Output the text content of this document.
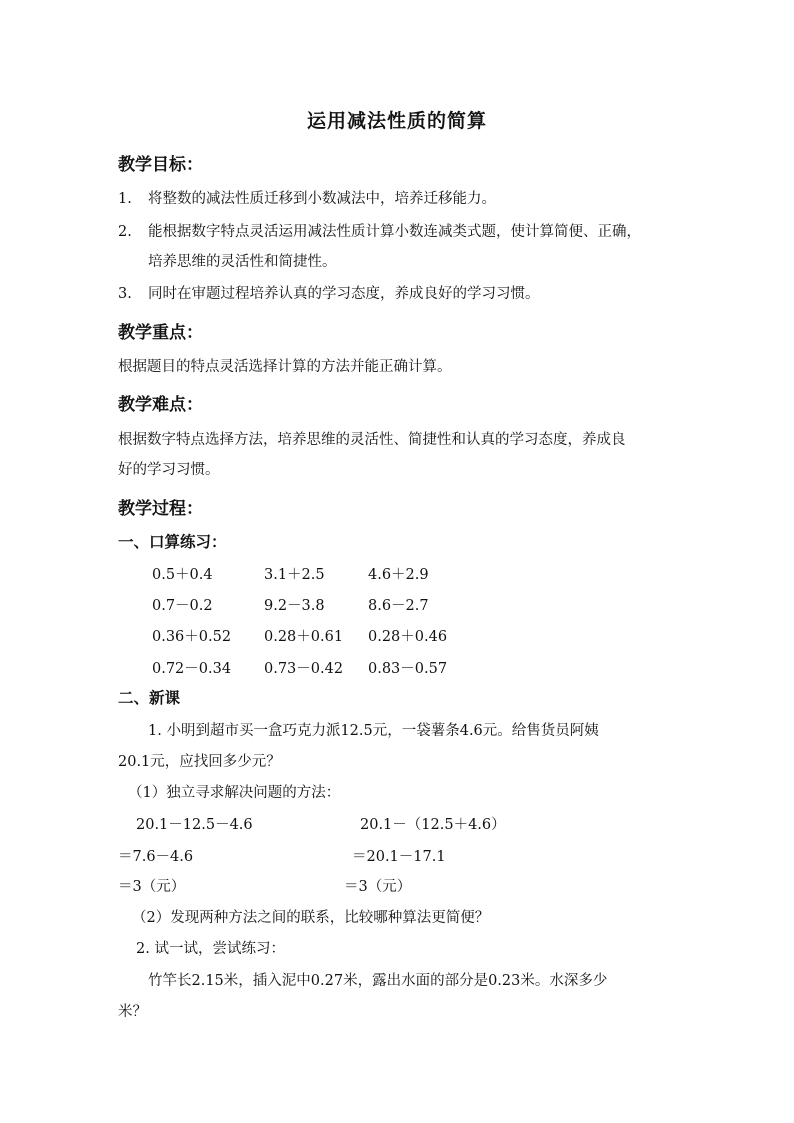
运用减法性质的简算
教学目标：
1. 将整数的减法性质迁移到小数减法中，培养迁移能力。
2. 能根据数字特点灵活运用减法性质计算小数连减类式题，使计算简便、正确，
培养思维的灵活性和简捷性。
3. 同时在审题过程培养认真的学习态度，养成良好的学习习惯。
教学重点：
根据题目的特点灵活选择计算的方法并能正确计算。
教学难点：
根据数字特点选择方法，培养思维的灵活性、简捷性和认真的学习态度，养成良
好的学习习惯。
教学过程：
一、口算练习：
0.5＋0.4	3.1＋2.5	4.6＋2.9
0.7－0.2	9.2－3.8	8.6－2.7
0.36＋0.52 0.28＋0.61 0.28＋0.46
0.72－0.34 0.73－0.42 0.83－0.57
二、新课
1. 小明到超市买一盒巧克力派12.5元，一袋薯条4.6元。给售货员阿姨
20.1元，应找回多少元？
（1）独立寻求解决问题的方法：
20.1－12.5－4.6
＝7.6－4.6
＝3（元）
20.1－（12.5＋4.6）
＝20.1－17.1
＝3（元）
（2）发现两种方法之间的联系，比较哪种算法更简便？
2. 试一试，尝试练习：
竹竿长2.15米，插入泥中0.27米，露出水面的部分是0.23米。水深多少
米？
